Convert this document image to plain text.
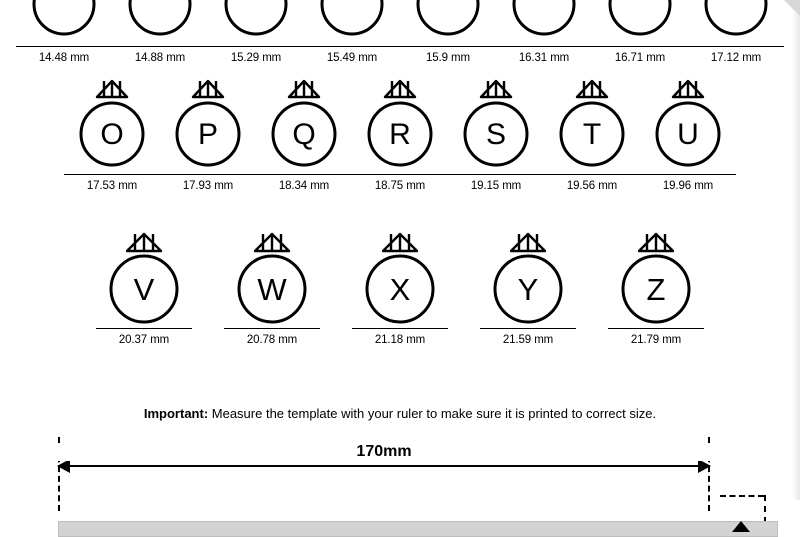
14.48 mm	14.88 mm	15.29 mm	15.49 mm	15.9 mm	16.31 mm	16.71 mm	17.12 mm
O
17.53 mm
P
17.93 mm
Q
18.34 mm
R
18.75 mm
S
19.15 mm
T
19.56 mm
U
19.96 mm
V
20.37 mm
W
20.78 mm
X
21.18 mm
Y
21.59 mm
Z
21.79 mm
Important: Measure the template with your ruler to make sure it is printed to correct size.
170mm
